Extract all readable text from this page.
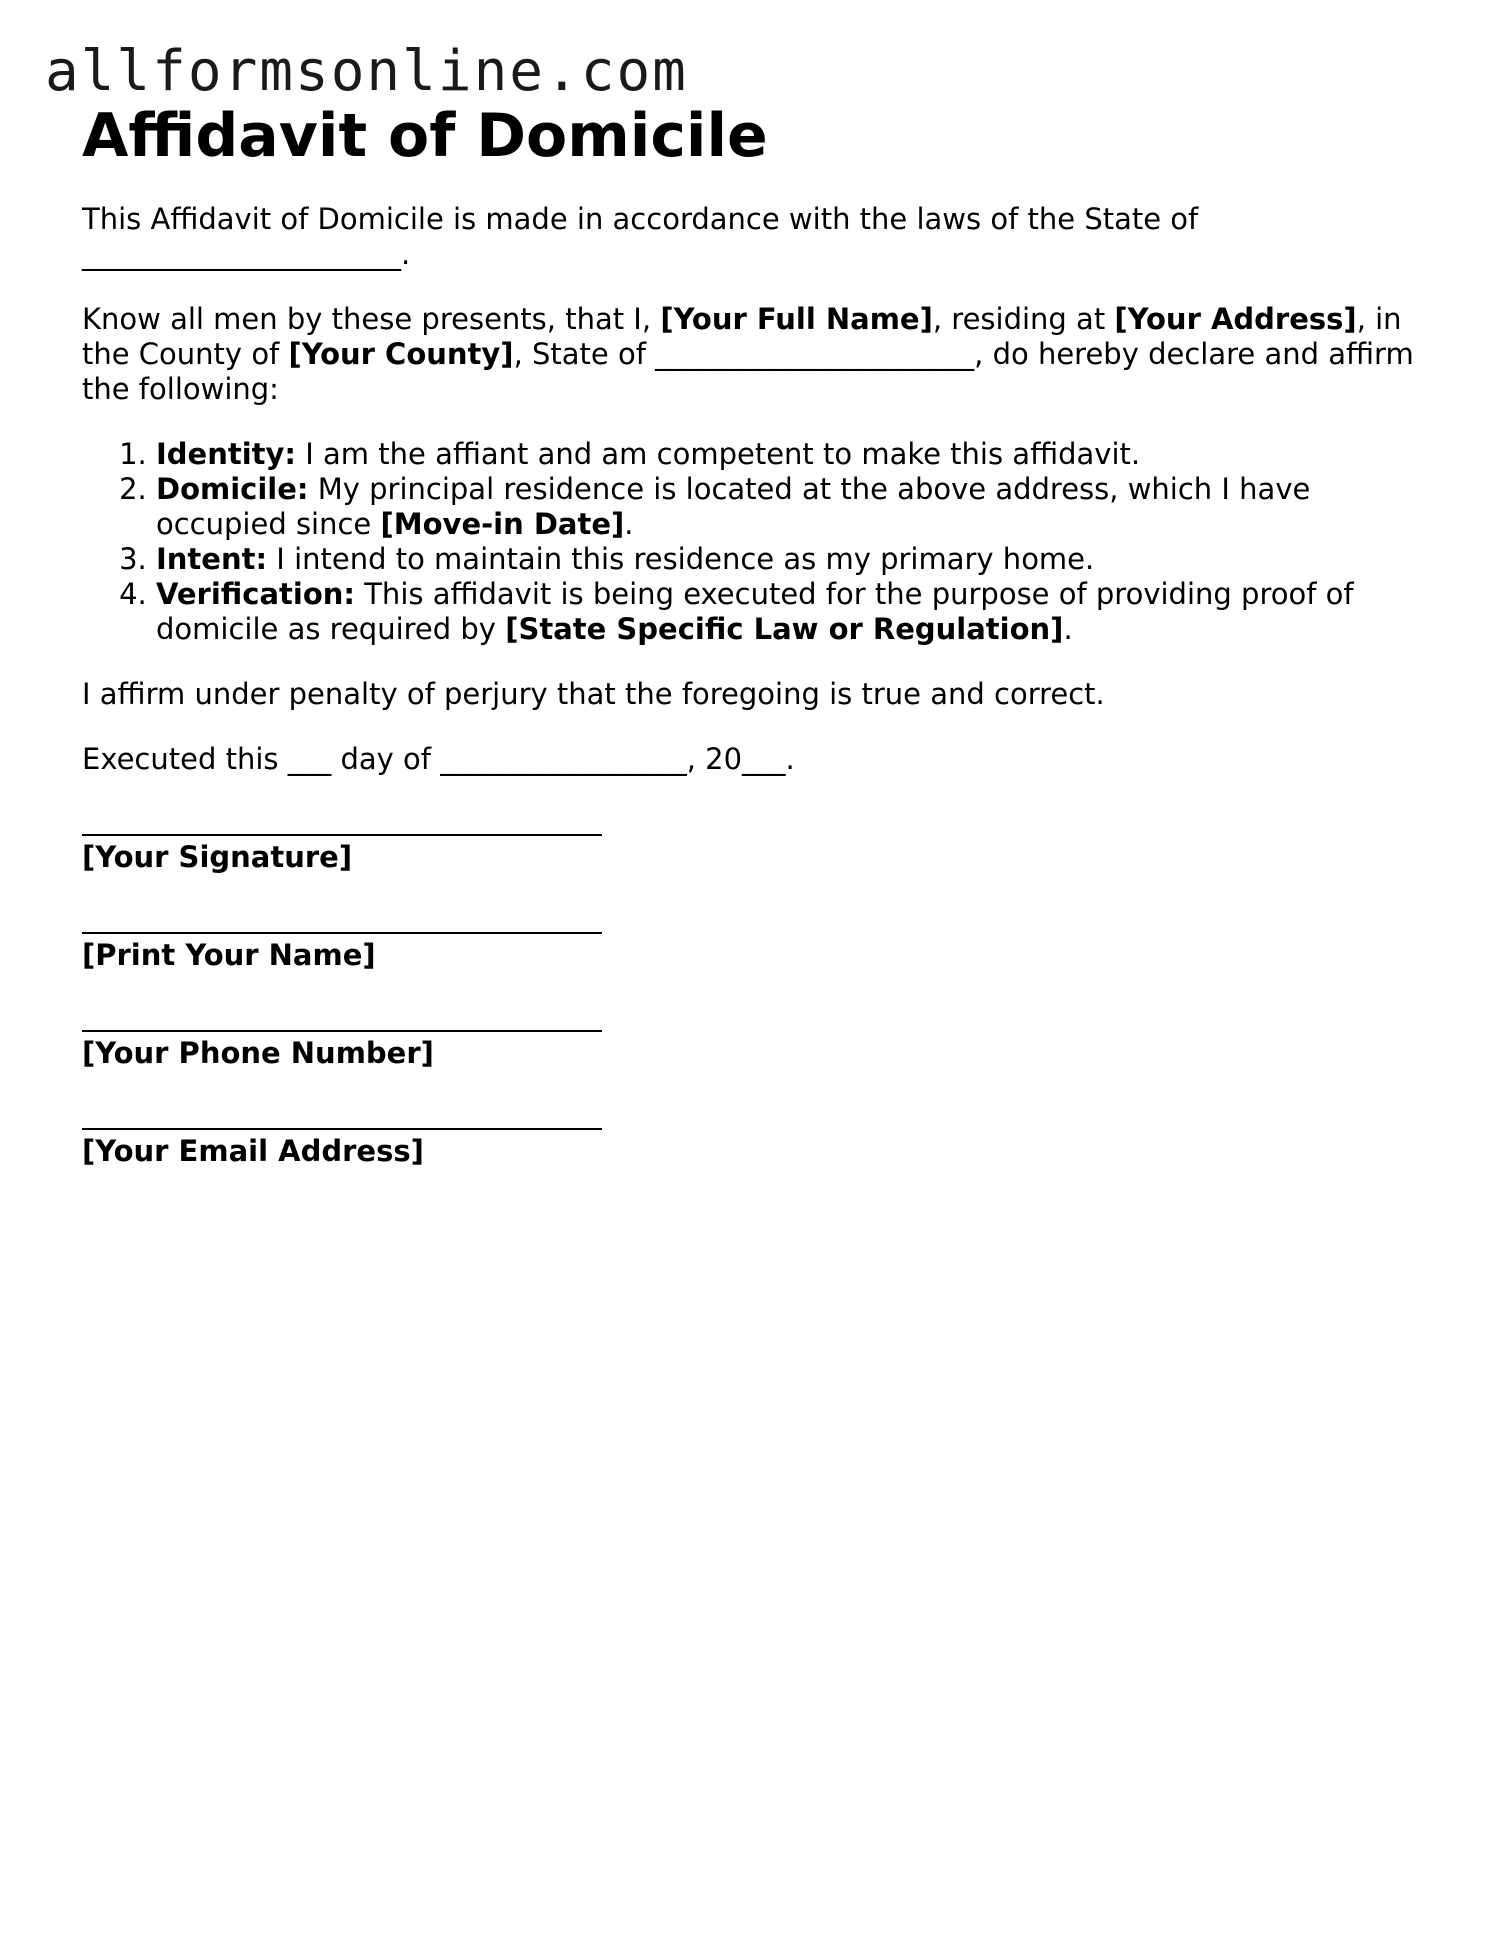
allformsonline.com
Affidavit of Domicile

This Affidavit of Domicile is made in accordance with the laws of the State of
______________________.

Know all men by these presents, that I, [Your Full Name], residing at [Your Address], in the County of [Your County], State of ______________________, do hereby declare and affirm the following:

1. Identity: I am the affiant and am competent to make this affidavit.
2. Domicile: My principal residence is located at the above address, which I have occupied since [Move-in Date].
3. Intent: I intend to maintain this residence as my primary home.
4. Verification: This affidavit is being executed for the purpose of providing proof of domicile as required by [State Specific Law or Regulation].

I affirm under penalty of perjury that the foregoing is true and correct.

Executed this ___ day of _________________, 20___.

[Your Signature]
[Print Your Name]
[Your Phone Number]
[Your Email Address]
